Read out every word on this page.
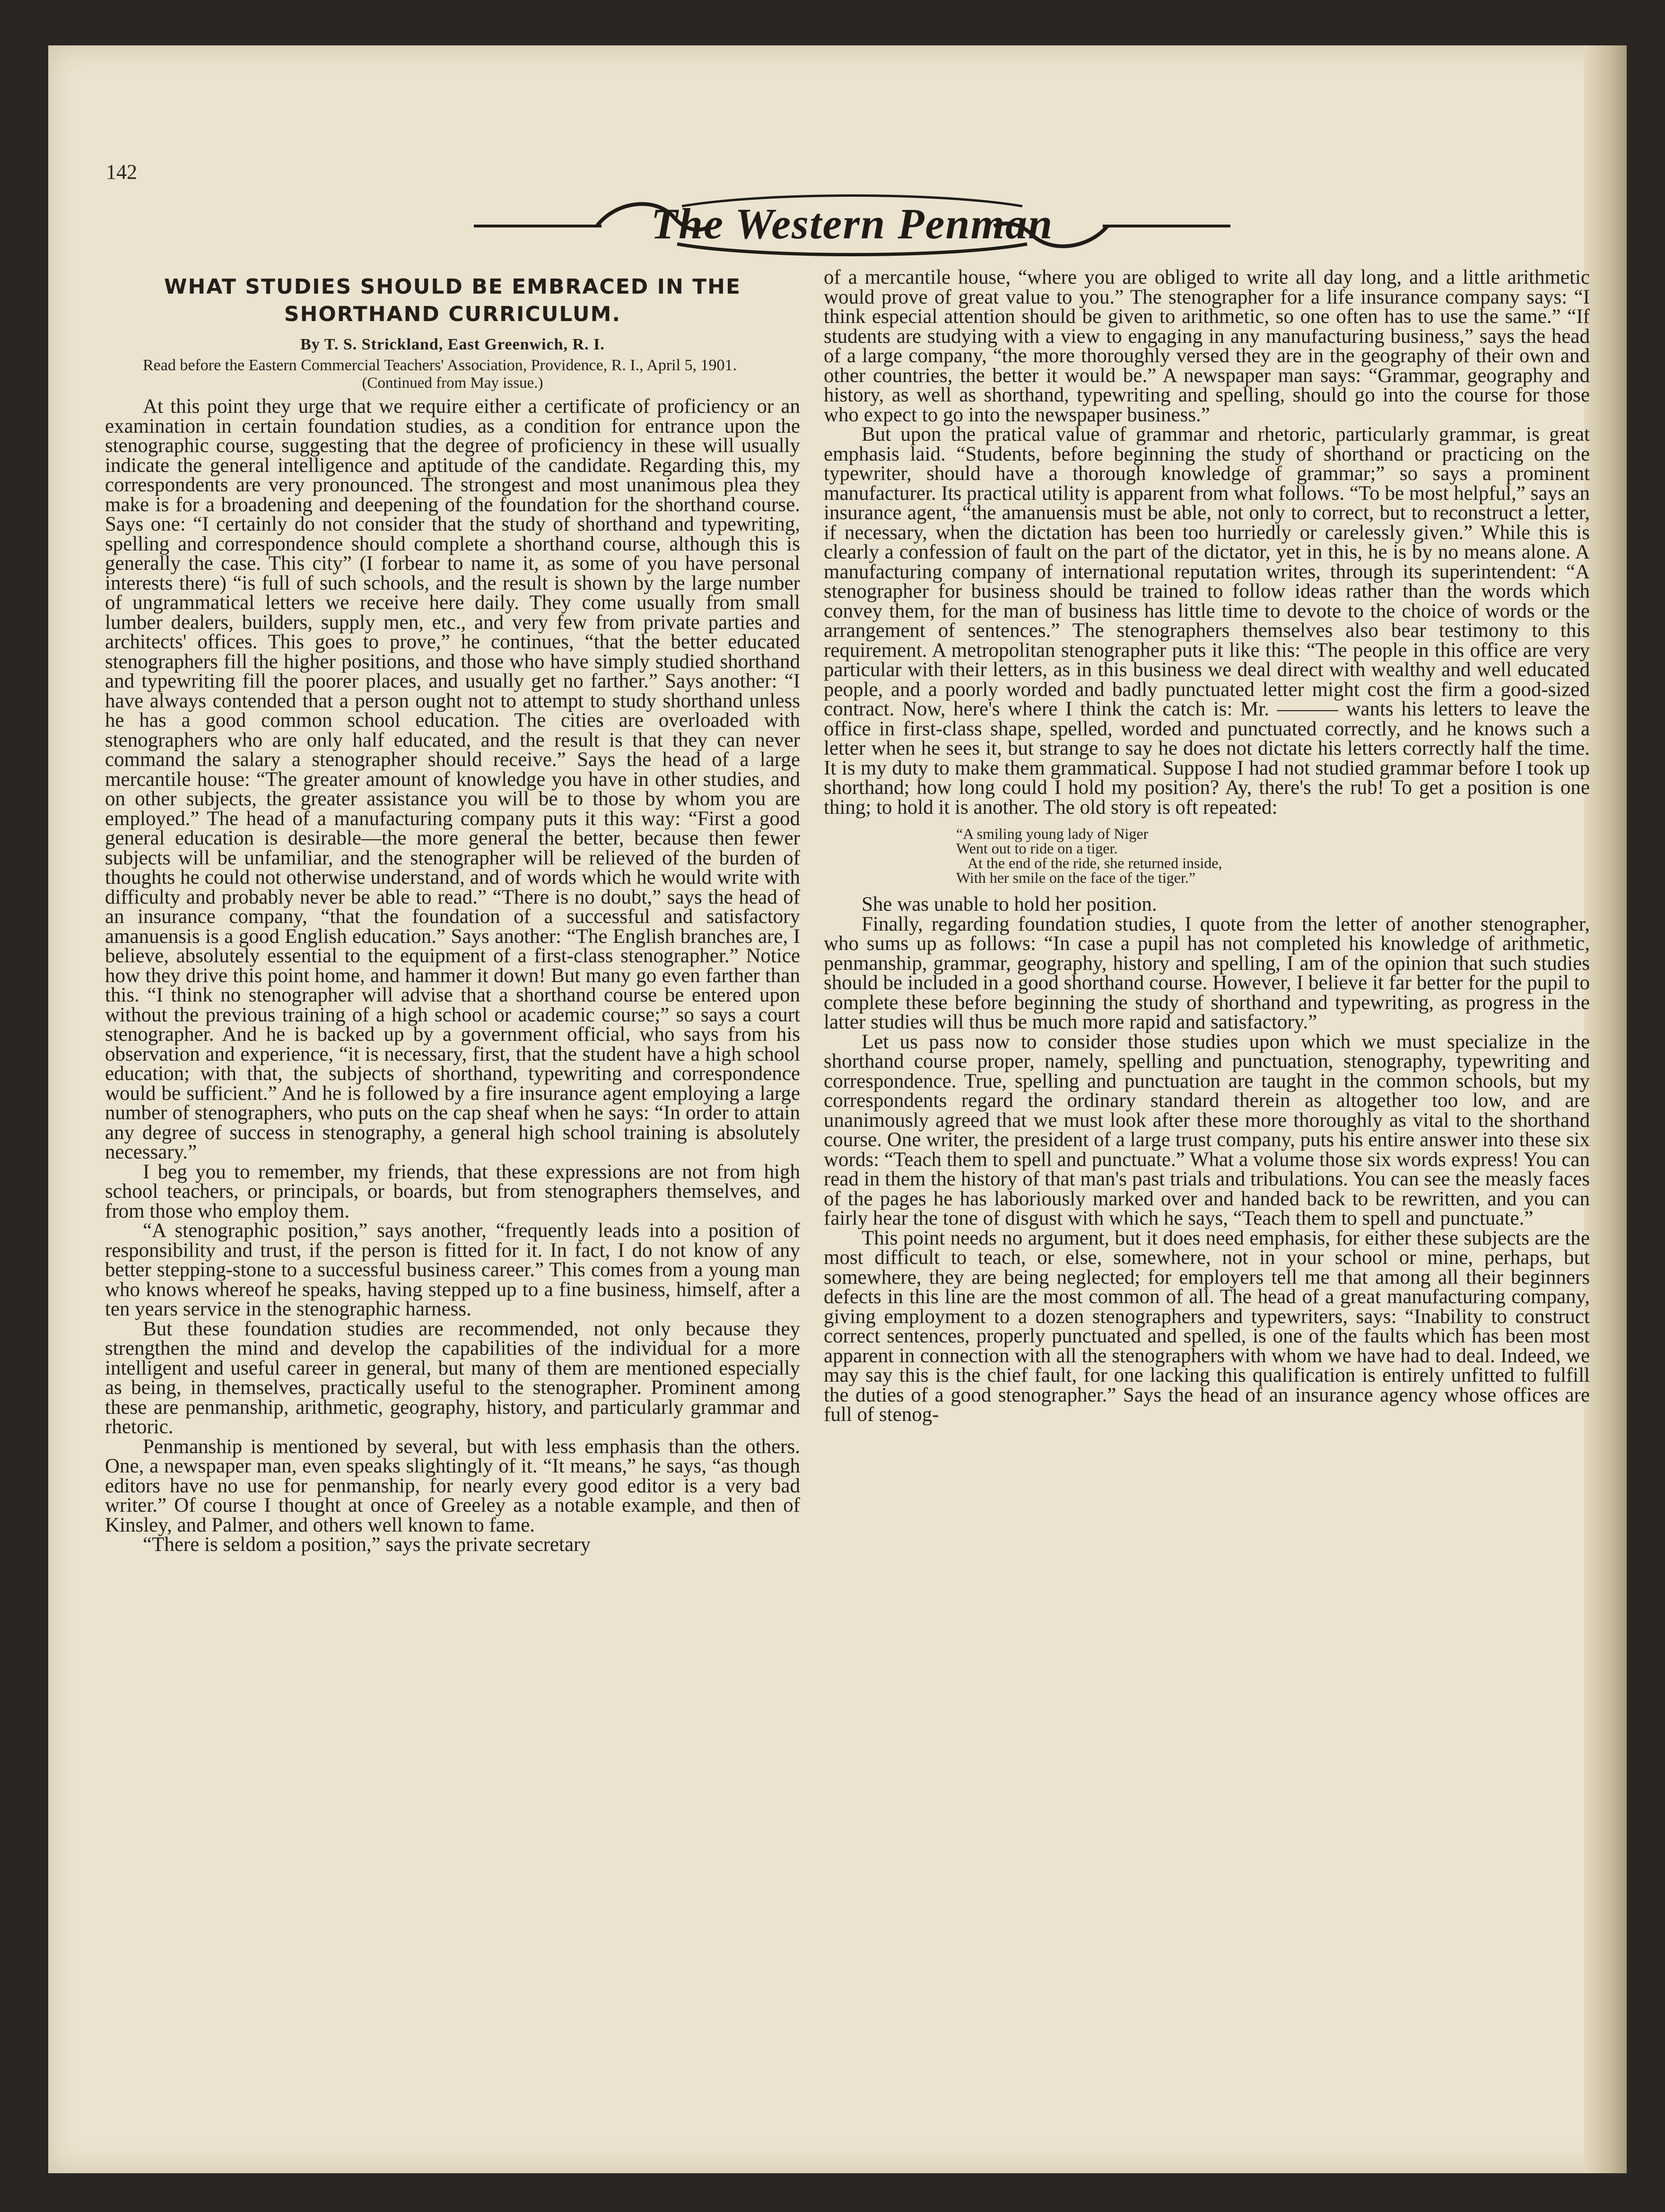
142
The Western Penman
WHAT STUDIES SHOULD BE EMBRACED IN THE SHORTHAND CURRICULUM.
By T. S. Strickland, East Greenwich, R. I.

Read before the Eastern Commercial Teachers' Association, Providence, R. I., April 5, 1901.

(Continued from May issue.)

At this point they urge that we require either a certificate of proficiency or an examination in certain foundation studies, as a condition for entrance upon the stenographic course, suggesting that the degree of proficiency in these will usually indicate the general intelligence and aptitude of the candidate. Regarding this, my correspondents are very pronounced. The strongest and most unanimous plea they make is for a broadening and deepening of the foundation for the shorthand course. Says one: “I certainly do not consider that the study of shorthand and typewriting, spelling and correspondence should complete a shorthand course, although this is generally the case. This city” (I forbear to name it, as some of you have personal interests there) “is full of such schools, and the result is shown by the large number of ungrammatical letters we receive here daily. They come usually from small lumber dealers, builders, supply men, etc., and very few from private parties and architects' offices. This goes to prove,” he continues, “that the better educated stenographers fill the higher positions, and those who have simply studied shorthand and typewriting fill the poorer places, and usually get no farther.” Says another: “I have always contended that a person ought not to attempt to study shorthand unless he has a good common school education. The cities are overloaded with stenographers who are only half educated, and the result is that they can never command the salary a stenographer should receive.” Says the head of a large mercantile house: “The greater amount of knowledge you have in other studies, and on other subjects, the greater assistance you will be to those by whom you are employed.” The head of a manufacturing company puts it this way: “First a good general education is desirable—the more general the better, because then fewer subjects will be unfamiliar, and the stenographer will be relieved of the burden of thoughts he could not otherwise understand, and of words which he would write with difficulty and probably never be able to read.” “There is no doubt,” says the head of an insurance company, “that the foundation of a successful and satisfactory amanuensis is a good English education.” Says another: “The English branches are, I believe, absolutely essential to the equipment of a first-class stenographer.” Notice how they drive this point home, and hammer it down! But many go even farther than this. “I think no stenographer will advise that a shorthand course be entered upon without the previous training of a high school or academic course;” so says a court stenographer. And he is backed up by a government official, who says from his observation and experience, “it is necessary, first, that the student have a high school education; with that, the subjects of shorthand, typewriting and correspondence would be sufficient.” And he is followed by a fire insurance agent employing a large number of stenographers, who puts on the cap sheaf when he says: “In order to attain any degree of success in stenography, a general high school training is absolutely necessary.”

I beg you to remember, my friends, that these expressions are not from high school teachers, or principals, or boards, but from stenographers themselves, and from those who employ them.

“A stenographic position,” says another, “frequently leads into a position of responsibility and trust, if the person is fitted for it. In fact, I do not know of any better stepping-stone to a successful business career.” This comes from a young man who knows whereof he speaks, having stepped up to a fine business, himself, after a ten years service in the stenographic harness.

But these foundation studies are recommended, not only because they strengthen the mind and develop the capabilities of the individual for a more intelligent and useful career in general, but many of them are mentioned especially as being, in themselves, practically useful to the stenographer. Prominent among these are penmanship, arithmetic, geography, history, and particularly grammar and rhetoric.

Penmanship is mentioned by several, but with less emphasis than the others. One, a newspaper man, even speaks slightingly of it. “It means,” he says, “as though editors have no use for penmanship, for nearly every good editor is a very bad writer.” Of course I thought at once of Greeley as a notable example, and then of Kinsley, and Palmer, and others well known to fame.

“There is seldom a position,” says the private secretary

of a mercantile house, “where you are obliged to write all day long, and a little arithmetic would prove of great value to you.” The stenographer for a life insurance company says: “I think especial attention should be given to arithmetic, so one often has to use the same.” “If students are studying with a view to engaging in any manufacturing business,” says the head of a large company, “the more thoroughly versed they are in the geography of their own and other countries, the better it would be.” A newspaper man says: “Grammar, geography and history, as well as shorthand, typewriting and spelling, should go into the course for those who expect to go into the newspaper business.”

But upon the pratical value of grammar and rhetoric, particularly grammar, is great emphasis laid. “Students, before beginning the study of shorthand or practicing on the typewriter, should have a thorough knowledge of grammar;” so says a prominent manufacturer. Its practical utility is apparent from what follows. “To be most helpful,” says an insurance agent, “the amanuensis must be able, not only to correct, but to reconstruct a letter, if necessary, when the dictation has been too hurriedly or carelessly given.” While this is clearly a confession of fault on the part of the dictator, yet in this, he is by no means alone. A manufacturing company of international reputation writes, through its superintendent: “A stenographer for business should be trained to follow ideas rather than the words which convey them, for the man of business has little time to devote to the choice of words or the arrangement of sentences.” The stenographers themselves also bear testimony to this requirement. A metropolitan stenographer puts it like this: “The people in this office are very particular with their letters, as in this business we deal direct with wealthy and well educated people, and a poorly worded and badly punctuated letter might cost the firm a good-sized contract. Now, here's where I think the catch is: Mr. ——— wants his letters to leave the office in first-class shape, spelled, worded and punctuated correctly, and he knows such a letter when he sees it, but strange to say he does not dictate his letters correctly half the time. It is my duty to make them grammatical. Suppose I had not studied grammar before I took up shorthand; how long could I hold my position? Ay, there's the rub! To get a position is one thing; to hold it is another. The old story is oft repeated:

“A smiling young lady of Niger
Went out to ride on a tiger.
At the end of the ride, she returned inside,
With her smile on the face of the tiger.”

She was unable to hold her position.

Finally, regarding foundation studies, I quote from the letter of another stenographer, who sums up as follows: “In case a pupil has not completed his knowledge of arithmetic, penmanship, grammar, geography, history and spelling, I am of the opinion that such studies should be included in a good shorthand course. However, I believe it far better for the pupil to complete these before beginning the study of shorthand and typewriting, as progress in the latter studies will thus be much more rapid and satisfactory.”

Let us pass now to consider those studies upon which we must specialize in the shorthand course proper, namely, spelling and punctuation, stenography, typewriting and correspondence. True, spelling and punctuation are taught in the common schools, but my correspondents regard the ordinary standard therein as altogether too low, and are unanimously agreed that we must look after these more thoroughly as vital to the shorthand course. One writer, the president of a large trust company, puts his entire answer into these six words: “Teach them to spell and punctuate.” What a volume those six words express! You can read in them the history of that man's past trials and tribulations. You can see the measly faces of the pages he has laboriously marked over and handed back to be rewritten, and you can fairly hear the tone of disgust with which he says, “Teach them to spell and punctuate.”

This point needs no argument, but it does need emphasis, for either these subjects are the most difficult to teach, or else, somewhere, not in your school or mine, perhaps, but somewhere, they are being neglected; for employers tell me that among all their beginners defects in this line are the most common of all. The head of a great manufacturing company, giving employment to a dozen stenographers and typewriters, says: “Inability to construct correct sentences, properly punctuated and spelled, is one of the faults which has been most apparent in connection with all the stenographers with whom we have had to deal. Indeed, we may say this is the chief fault, for one lacking this qualification is entirely unfitted to fulfill the duties of a good stenographer.” Says the head of an insurance agency whose offices are full of stenog-
